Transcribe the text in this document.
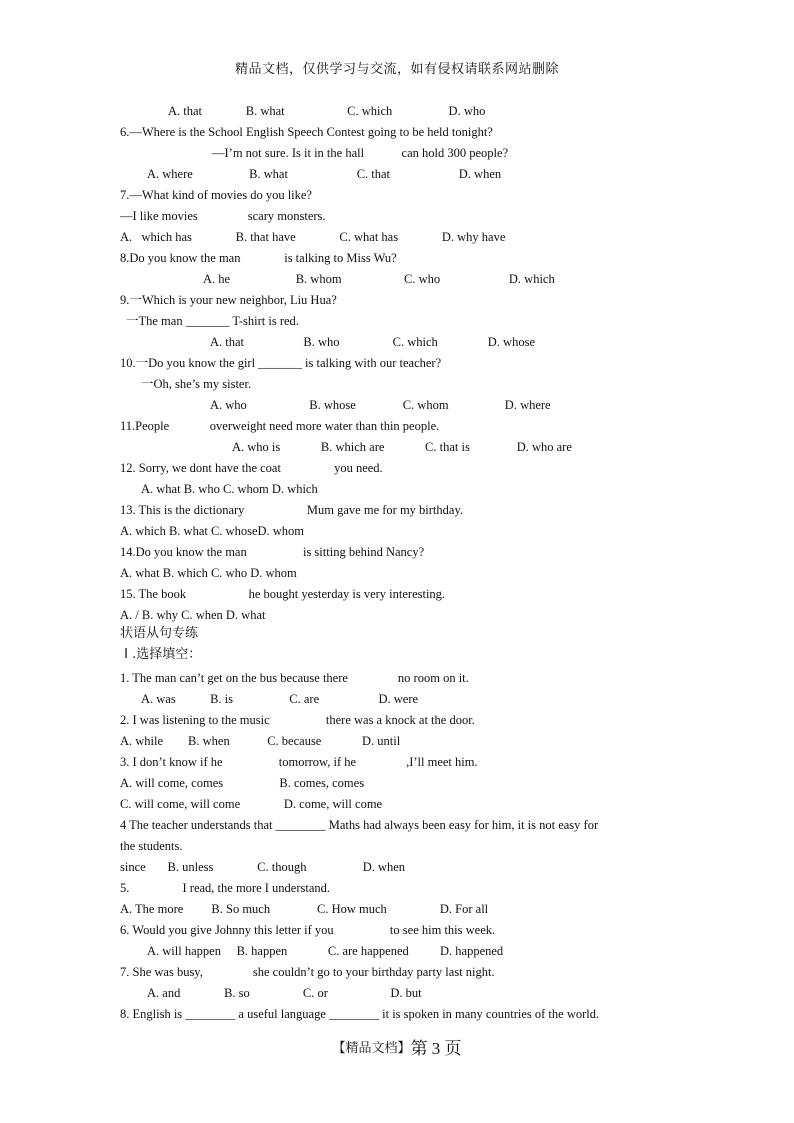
精品文档，仅供学习与交流，如有侵权请联系网站删除
A. that              B. what                    C. which                  D. who
6.—Where is the School English Speech Contest going to be held tonight?
—I’m not sure. Is it in the hall            can hold 300 people?
A. where                  B. what                      C. that                      D. when
7.—What kind of movies do you like?
—I like movies                scary monsters.
A.   which has              B. that have              C. what has              D. why have
8.Do you know the man              is talking to Miss Wu?
A. he                     B. whom                    C. who                      D. which
9.一Which is your new neighbor, Liu Hua?
一The man _______ T-shirt is red.
A. that                   B. who                 C. which                D. whose
10.一Do you know the girl _______ is talking with our teacher?
一Oh, she’s my sister.
A. who                    B. whose               C. whom                  D. where
11.People             overweight need more water than thin people.
A. who is             B. which are             C. that is               D. who are
12. Sorry, we dont have the coat                 you need.
A. what B. who C. whom D. which
13. This is the dictionary                    Mum gave me for my birthday.
A. which B. what C. whoseD. whom
14.Do you know the man                  is sitting behind Nancy?
A. what B. which C. who D. whom
15. The book                    he bought yesterday is very interesting.
A. / B. why C. when D. what
状语从句专练
I .选择填空：
1. The man can’t get on the bus because there                no room on it.
A. was           B. is                  C. are                   D. were
2. I was listening to the music                  there was a knock at the door.
A. while        B. when            C. because             D. until
3. I don’t know if he                  tomorrow, if he                ,I’ll meet him.
A. will come, comes                  B. comes, comes
C. will come, will come              D. come, will come
4 The teacher understands that ________ Maths had always been easy for him, it is not easy for
the students.
since       B. unless              C. though                  D. when
5.                 I read, the more I understand.
A. The more         B. So much               C. How much                 D. For all
6. Would you give Johnny this letter if you                  to see him this week.
A. will happen     B. happen             C. are happened          D. happened
7. She was busy,                she couldn’t go to your birthday party last night.
A. and              B. so                 C. or                    D. but
8. English is ________ a useful language ________ it is spoken in many countries of the world.
【精品文档】第 3 页
